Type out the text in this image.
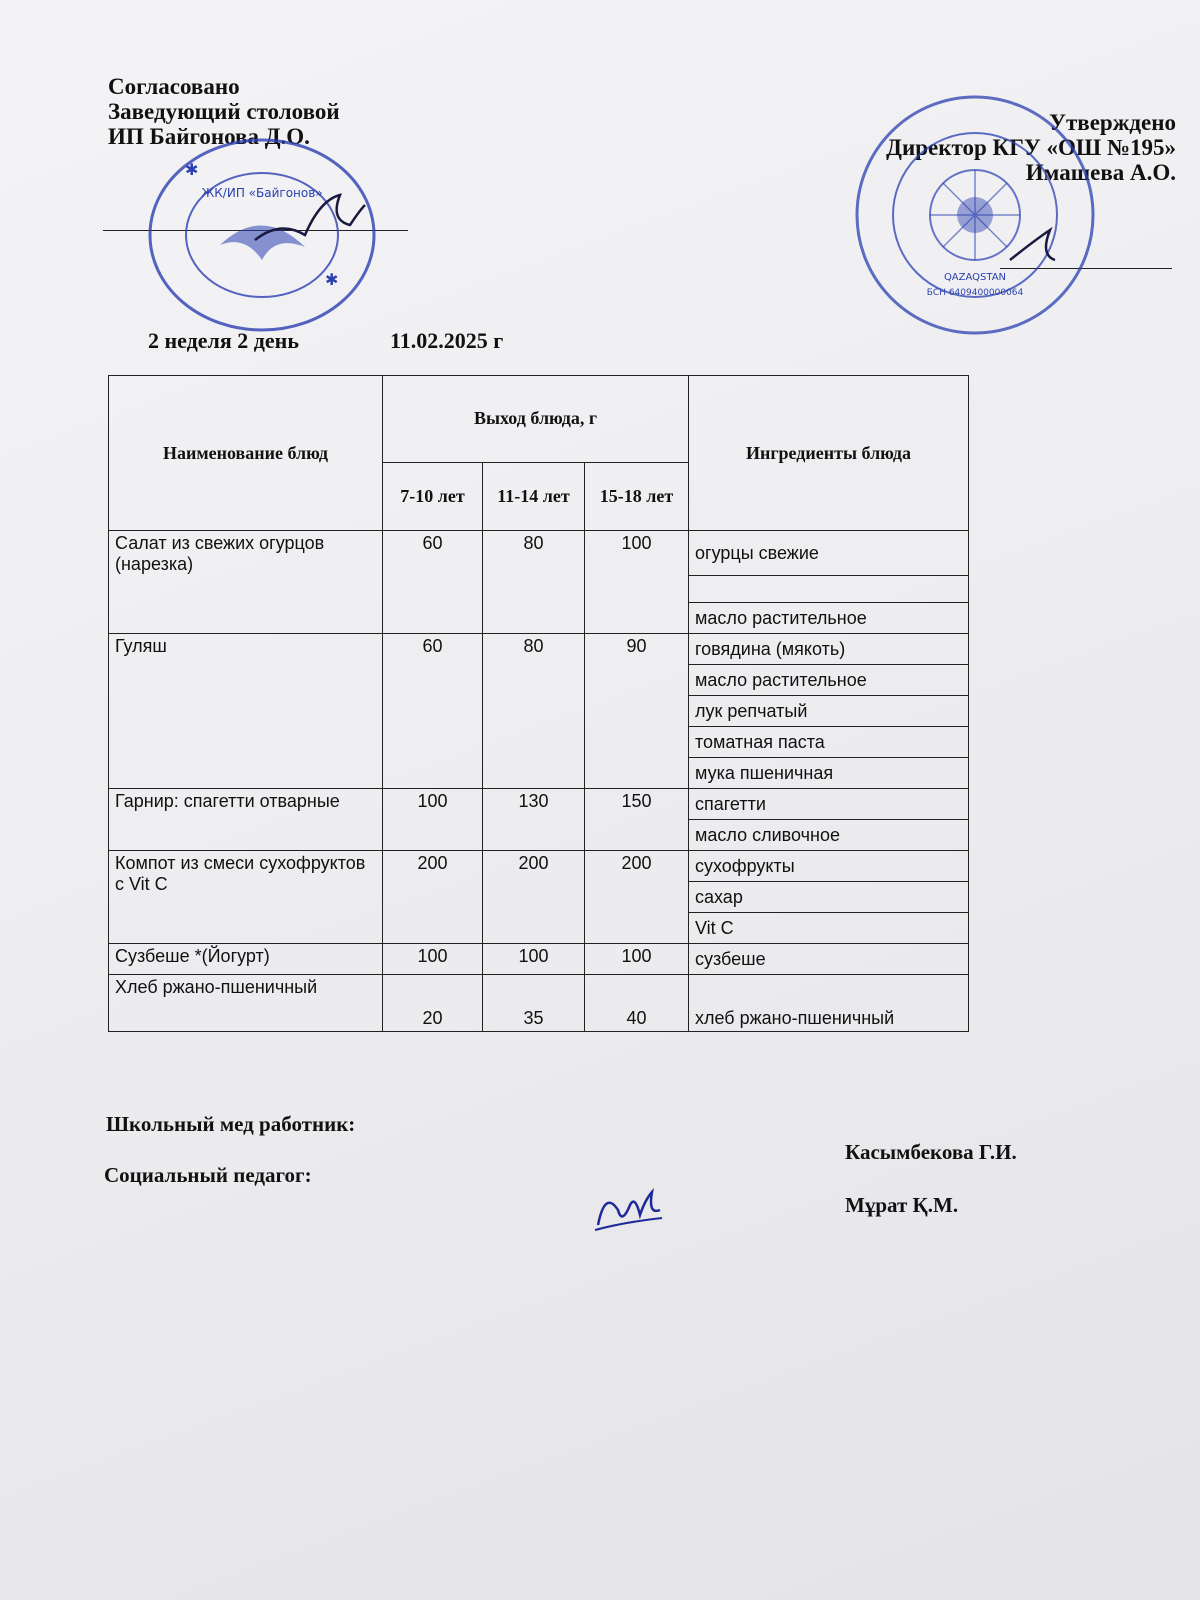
Согласовано
Заведующий столовой
ИП Байгонова Д.О.
Утверждено
Директор КГУ «ОШ №195»
Имашева А.О.
ЖК/ИП «Байгонов»
✱
✱	QAZAQSTAN
БСН 6409400000064
2 неделя 2 день	11.02.2025 г
Наименование блюд	Выход блюда, г			Ингредиенты блюда
	7-10 лет	11-14 лет	15-18 лет	
Салат из свежих огурцов (нарезка)	60	80	100	огурцы свежие

				масло растительное
Гуляш	60	80	90	говядина (мякоть)
				масло растительное
				лук репчатый
				томатная паста
				мука пшеничная
Гарнир: спагетти отварные	100	130	150	спагетти
				масло сливочное
Компот из смеси сухофруктов с Vit C	200	200	200	сухофрукты
				сахар
				Vit C
Сузбеше *(Йогурт)	100	100	100	сузбеше
Хлеб ржано-пшеничный	20	35	40	хлеб ржано-пшеничный
Школьный мед работник:
Социальный педагог:
Касымбекова Г.И.
Мұрат Қ.М.
